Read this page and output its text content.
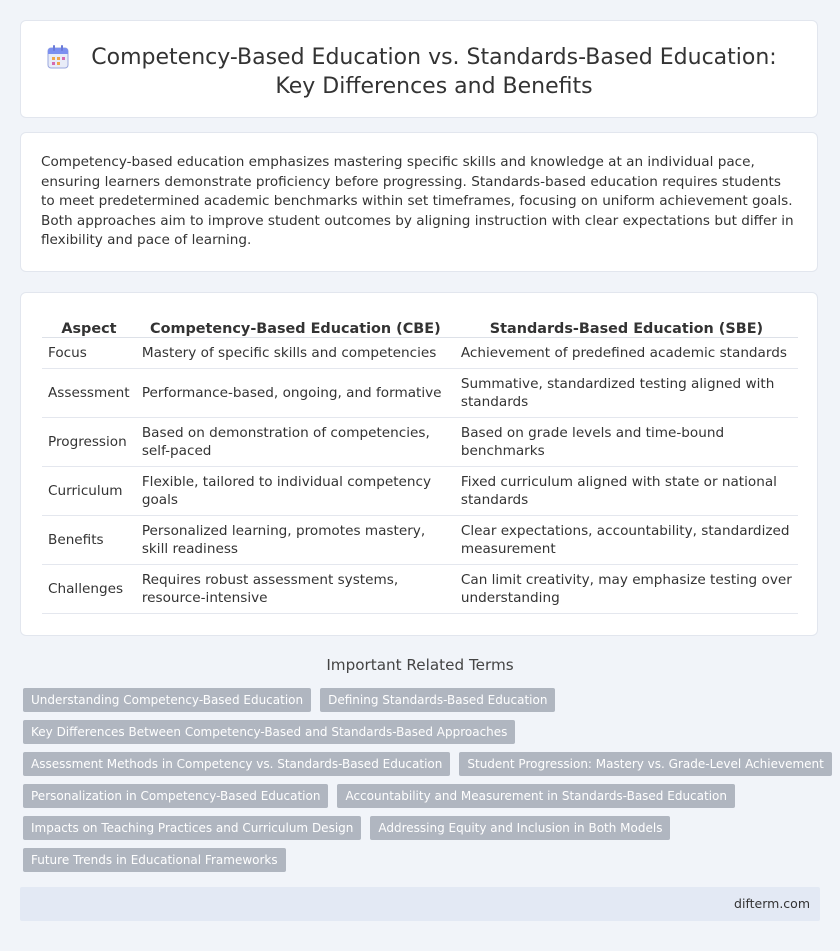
Competency-Based Education vs. Standards-Based Education: Key Differences and Benefits

Competency-based education emphasizes mastering specific skills and knowledge at an individual pace, ensuring learners demonstrate proficiency before progressing. Standards-based education requires students to meet predetermined academic benchmarks within set timeframes, focusing on uniform achievement goals. Both approaches aim to improve student outcomes by aligning instruction with clear expectations but differ in flexibility and pace of learning.

Aspect	Competency-Based Education (CBE)	Standards-Based Education (SBE)
Focus	Mastery of specific skills and competencies	Achievement of predefined academic standards
Assessment	Performance-based, ongoing, and formative	Summative, standardized testing aligned with standards
Progression	Based on demonstration of competencies, self-paced	Based on grade levels and time-bound benchmarks
Curriculum	Flexible, tailored to individual competency goals	Fixed curriculum aligned with state or national standards
Benefits	Personalized learning, promotes mastery, skill readiness	Clear expectations, accountability, standardized measurement
Challenges	Requires robust assessment systems, resource-intensive	Can limit creativity, may emphasize testing over understanding
Important Related Terms
Understanding Competency-Based Education	Defining Standards-Based Education
Key Differences Between Competency-Based and Standards-Based Approaches
Assessment Methods in Competency vs. Standards-Based Education	Student Progression: Mastery vs. Grade-Level Achievement
Personalization in Competency-Based Education	Accountability and Measurement in Standards-Based Education
Impacts on Teaching Practices and Curriculum Design	Addressing Equity and Inclusion in Both Models
Future Trends in Educational Frameworks
difterm.com
